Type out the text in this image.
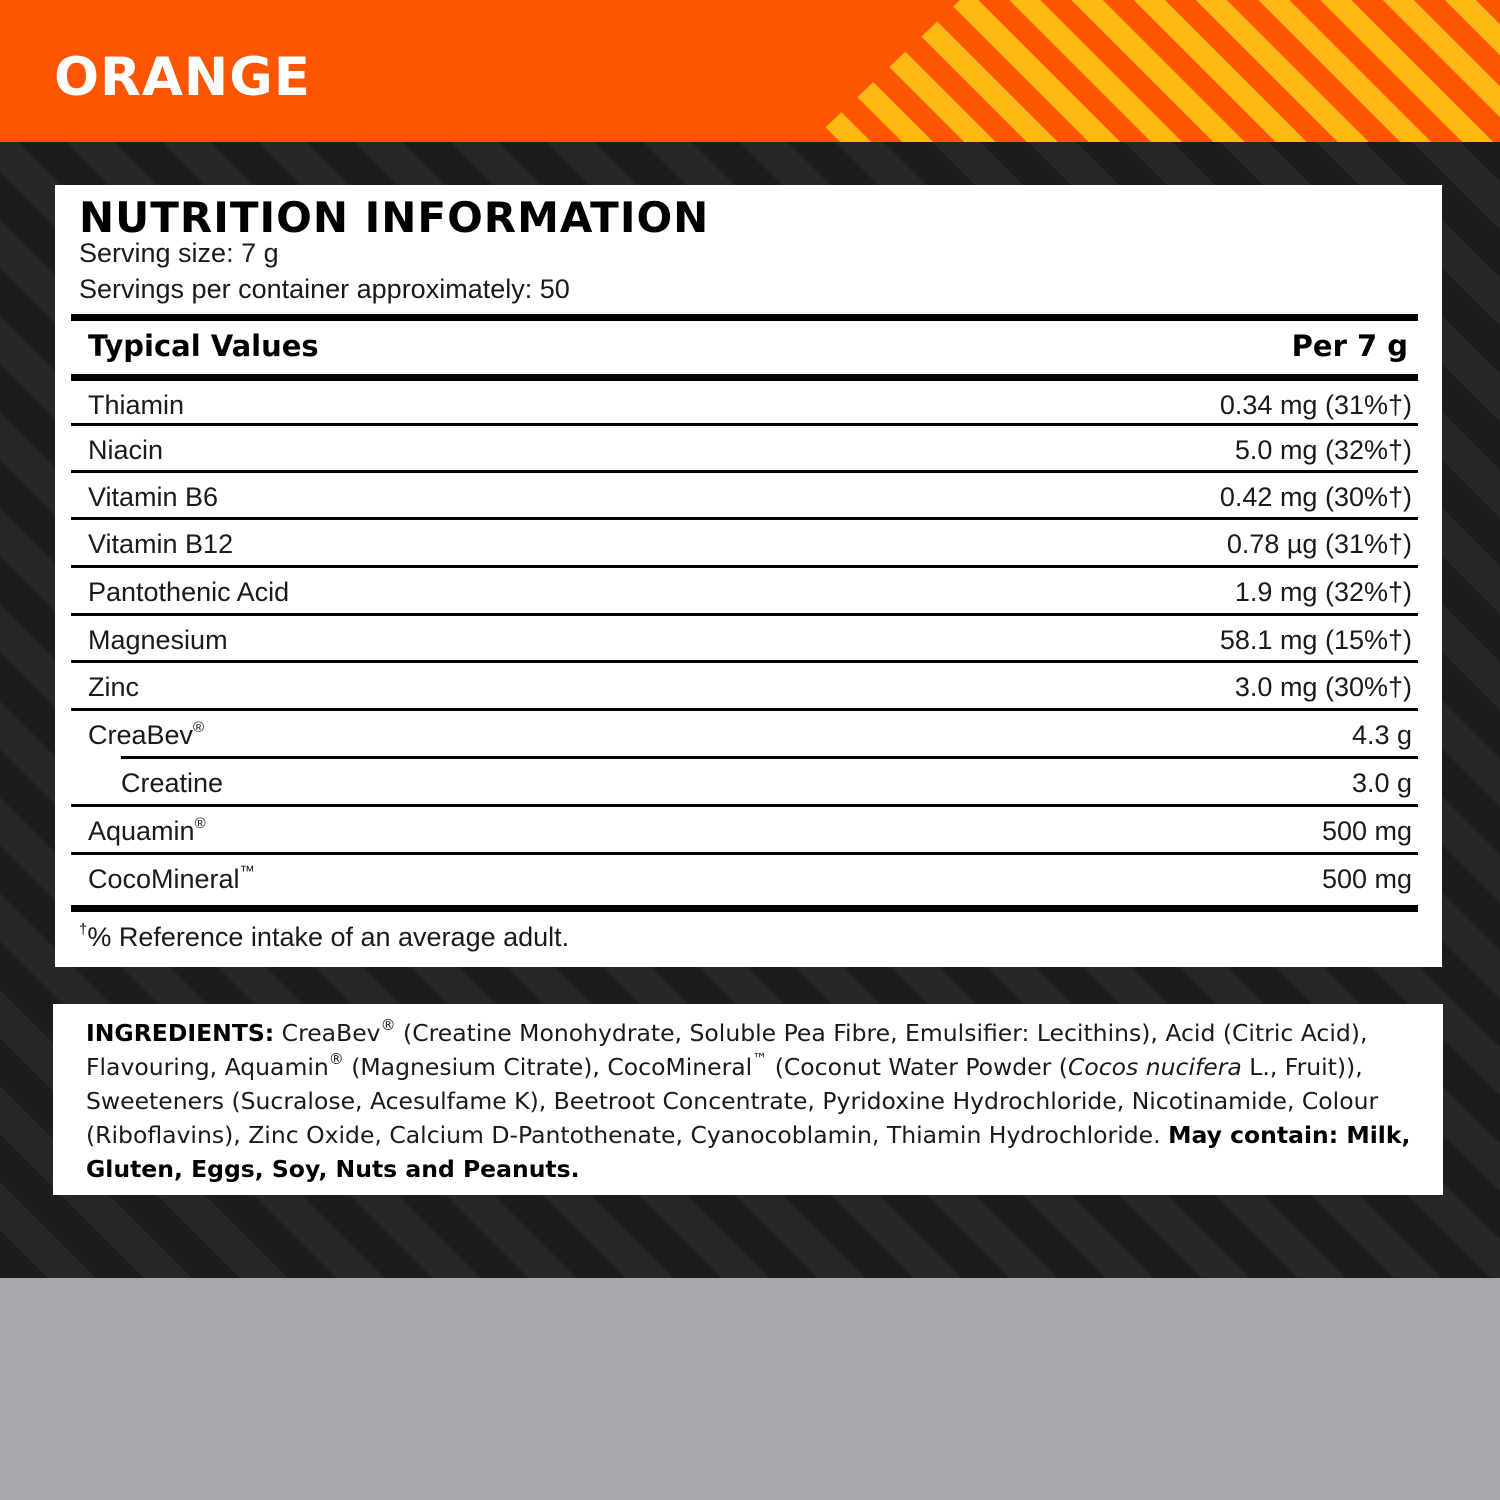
ORANGE
NUTRITION INFORMATION
Serving size: 7 g
Servings per container approximately: 50
Typical Values	Per 7 g
Thiamin	0.34 mg (31%†)
Niacin	5.0 mg (32%†)
Vitamin B6	0.42 mg (30%†)
Vitamin B12	0.78 µg (31%†)
Pantothenic Acid	1.9 mg (32%†)
Magnesium	58.1 mg (15%†)
Zinc	3.0 mg (30%†)
CreaBev®	4.3 g
Creatine	3.0 g
Aquamin®	500 mg
CocoMineral™	500 mg
†% Reference intake of an average adult.
INGREDIENTS: CreaBev® (Creatine Monohydrate, Soluble Pea Fibre, Emulsifier: Lecithins), Acid (Citric Acid), Flavouring, Aquamin® (Magnesium Citrate), CocoMineral™ (Coconut Water Powder (Cocos nucifera L., Fruit)), Sweeteners (Sucralose, Acesulfame K), Beetroot Concentrate, Pyridoxine Hydrochloride, Nicotinamide, Colour (Riboflavins), Zinc Oxide, Calcium D-Pantothenate, Cyanocoblamin, Thiamin Hydrochloride. May contain: Milk, Gluten, Eggs, Soy, Nuts and Peanuts.
